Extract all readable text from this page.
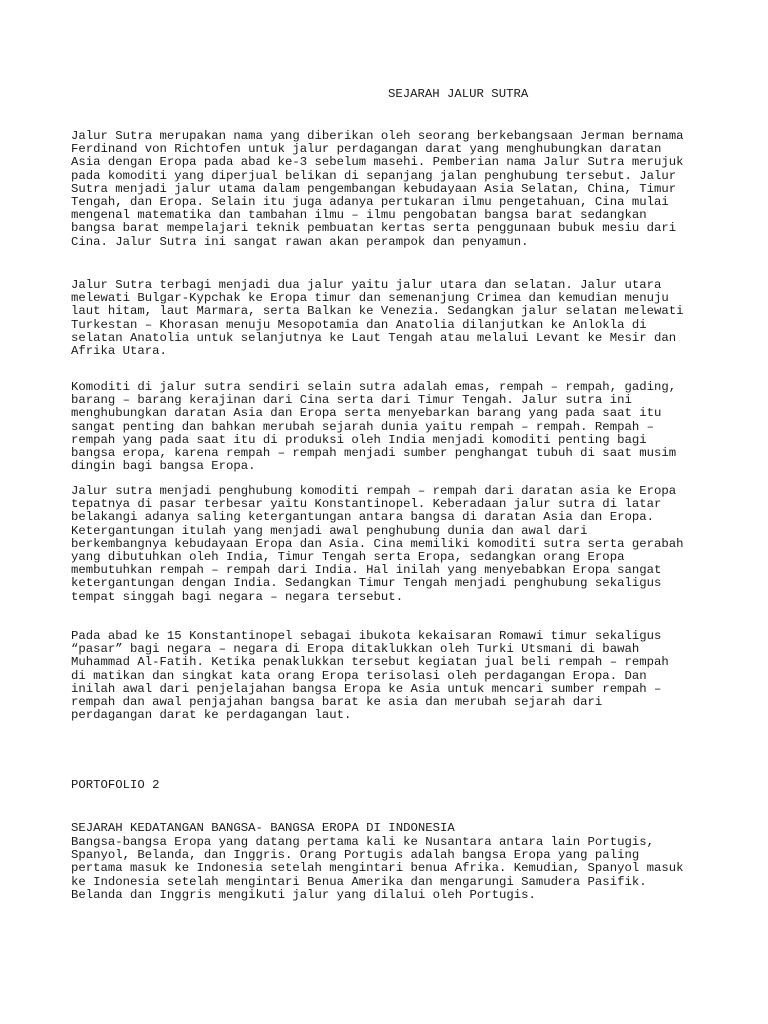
SEJARAH JALUR SUTRA

Jalur Sutra merupakan nama yang diberikan oleh seorang berkebangsaan Jerman bernama
Ferdinand von Richtofen untuk jalur perdagangan darat yang menghubungkan daratan
Asia dengan Eropa pada abad ke-3 sebelum masehi. Pemberian nama Jalur Sutra merujuk
pada komoditi yang diperjual belikan di sepanjang jalan penghubung tersebut. Jalur
Sutra menjadi jalur utama dalam pengembangan kebudayaan Asia Selatan, China, Timur
Tengah, dan Eropa. Selain itu juga adanya pertukaran ilmu pengetahuan, Cina mulai
mengenal matematika dan tambahan ilmu – ilmu pengobatan bangsa barat sedangkan
bangsa barat mempelajari teknik pembuatan kertas serta penggunaan bubuk mesiu dari
Cina. Jalur Sutra ini sangat rawan akan perampok dan penyamun.

Jalur Sutra terbagi menjadi dua jalur yaitu jalur utara dan selatan. Jalur utara
melewati Bulgar-Kypchak ke Eropa timur dan semenanjung Crimea dan kemudian menuju
laut hitam, laut Marmara, serta Balkan ke Venezia. Sedangkan jalur selatan melewati
Turkestan – Khorasan menuju Mesopotamia dan Anatolia dilanjutkan ke Anlokla di
selatan Anatolia untuk selanjutnya ke Laut Tengah atau melalui Levant ke Mesir dan
Afrika Utara.

Komoditi di jalur sutra sendiri selain sutra adalah emas, rempah – rempah, gading,
barang – barang kerajinan dari Cina serta dari Timur Tengah. Jalur sutra ini
menghubungkan daratan Asia dan Eropa serta menyebarkan barang yang pada saat itu
sangat penting dan bahkan merubah sejarah dunia yaitu rempah – rempah. Rempah –
rempah yang pada saat itu di produksi oleh India menjadi komoditi penting bagi
bangsa eropa, karena rempah – rempah menjadi sumber penghangat tubuh di saat musim
dingin bagi bangsa Eropa.

Jalur sutra menjadi penghubung komoditi rempah – rempah dari daratan asia ke Eropa
tepatnya di pasar terbesar yaitu Konstantinopel. Keberadaan jalur sutra di latar
belakangi adanya saling ketergantungan antara bangsa di daratan Asia dan Eropa.
Ketergantungan itulah yang menjadi awal penghubung dunia dan awal dari
berkembangnya kebudayaan Eropa dan Asia. Cina memiliki komoditi sutra serta gerabah
yang dibutuhkan oleh India, Timur Tengah serta Eropa, sedangkan orang Eropa
membutuhkan rempah – rempah dari India. Hal inilah yang menyebabkan Eropa sangat
ketergantungan dengan India. Sedangkan Timur Tengah menjadi penghubung sekaligus
tempat singgah bagi negara – negara tersebut.

Pada abad ke 15 Konstantinopel sebagai ibukota kekaisaran Romawi timur sekaligus
“pasar” bagi negara – negara di Eropa ditaklukkan oleh Turki Utsmani di bawah
Muhammad Al-Fatih. Ketika penaklukkan tersebut kegiatan jual beli rempah – rempah
di matikan dan singkat kata orang Eropa terisolasi oleh perdagangan Eropa. Dan
inilah awal dari penjelajahan bangsa Eropa ke Asia untuk mencari sumber rempah –
rempah dan awal penjajahan bangsa barat ke asia dan merubah sejarah dari
perdagangan darat ke perdagangan laut.

PORTOFOLIO 2
SEJARAH KEDATANGAN BANGSA- BANGSA EROPA DI INDONESIA

Bangsa-bangsa Eropa yang datang pertama kali ke Nusantara antara lain Portugis,
Spanyol, Belanda, dan Inggris. Orang Portugis adalah bangsa Eropa yang paling
pertama masuk ke Indonesia setelah mengintari benua Afrika. Kemudian, Spanyol masuk
ke Indonesia setelah mengintari Benua Amerika dan mengarungi Samudera Pasifik.
Belanda dan Inggris mengikuti jalur yang dilalui oleh Portugis.
